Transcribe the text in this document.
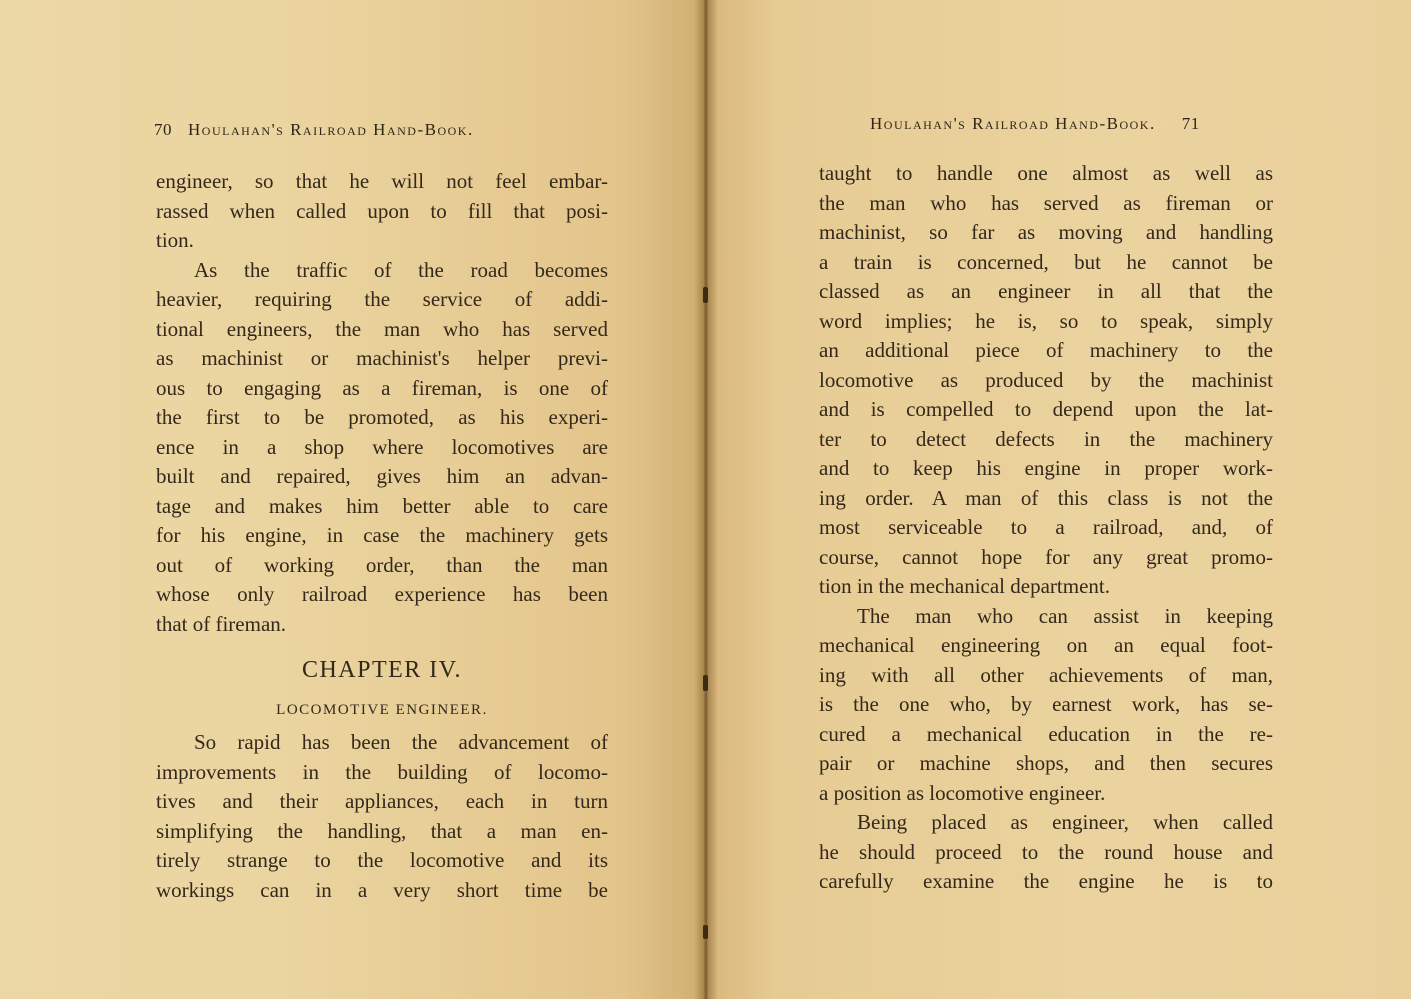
70 Houlahan's Railroad Hand-Book.
engineer, so that he will not feel embar-
rassed when called upon to fill that posi-
tion.
As the traffic of the road becomes
heavier, requiring the service of addi-
tional engineers, the man who has served
as machinist or machinist's helper previ-
ous to engaging as a fireman, is one of
the first to be promoted, as his experi-
ence in a shop where locomotives are
built and repaired, gives him an advan-
tage and makes him better able to care
for his engine, in case the machinery gets
out of working order, than the man
whose only railroad experience has been
that of fireman.
CHAPTER IV.
LOCOMOTIVE ENGINEER.
So rapid has been the advancement of
improvements in the building of locomo-
tives and their appliances, each in turn
simplifying the handling, that a man en-
tirely strange to the locomotive and its
workings can in a very short time be
Houlahan's Railroad Hand-Book. 71
taught to handle one almost as well as
the man who has served as fireman or
machinist, so far as moving and handling
a train is concerned, but he cannot be
classed as an engineer in all that the
word implies; he is, so to speak, simply
an additional piece of machinery to the
locomotive as produced by the machinist
and is compelled to depend upon the lat-
ter to detect defects in the machinery
and to keep his engine in proper work-
ing order. A man of this class is not the
most serviceable to a railroad, and, of
course, cannot hope for any great promo-
tion in the mechanical department.
The man who can assist in keeping
mechanical engineering on an equal foot-
ing with all other achievements of man,
is the one who, by earnest work, has se-
cured a mechanical education in the re-
pair or machine shops, and then secures
a position as locomotive engineer.
Being placed as engineer, when called
he should proceed to the round house and
carefully examine the engine he is to
